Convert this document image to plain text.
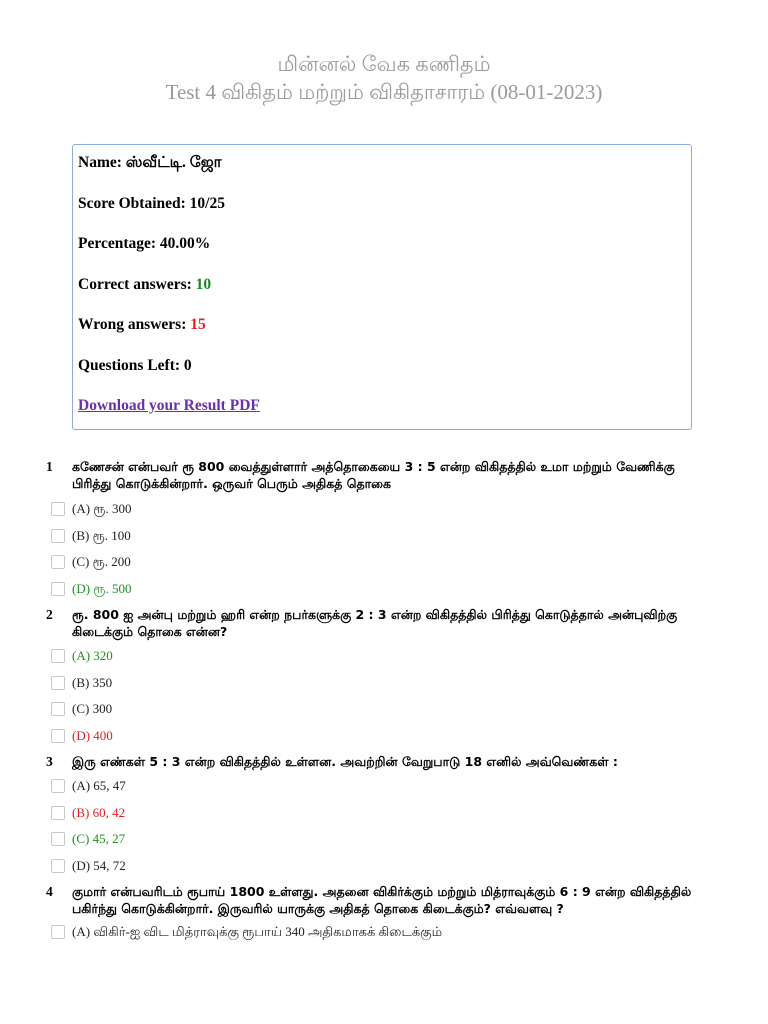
மின்னல் வேக கணிதம்
Test 4 விகிதம் மற்றும் விகிதாசாரம் (08-01-2023)
Name: ஸ்வீட்டி. ஜோ
Score Obtained: 10/25
Percentage: 40.00%
Correct answers: 10
Wrong answers: 15
Questions Left: 0
Download your Result PDF
1 கணேசன் என்பவர் ரூ 800 வைத்துள்ளார் அத்தொகையை 3 : 5 என்ற விகிதத்தில் உமா மற்றும் வேணிக்கு பிரித்து கொடுக்கின்றார். ஒருவர் பெரும் அதிகத் தொகை
(A) ரூ. 300
(B) ரூ. 100
(C) ரூ. 200
(D) ரூ. 500
2 ரூ. 800 ஐ அன்பு மற்றும் ஹரி என்ற நபர்களுக்கு 2 : 3 என்ற விகிதத்தில் பிரித்து கொடுத்தால் அன்புவிற்கு கிடைக்கும் தொகை என்ன?
(A) 320
(B) 350
(C) 300
(D) 400
3 இரு எண்கள் 5 : 3 என்ற விகிதத்தில் உள்ளன. அவற்றின் வேறுபாடு 18 எனில் அவ்வெண்கள் :
(A) 65, 47
(B) 60, 42
(C) 45, 27
(D) 54, 72
4 குமார் என்பவரிடம் ரூபாய் 1800 உள்ளது. அதனை விகிர்க்கும் மற்றும் மித்ராவுக்கும் 6 : 9 என்ற விகிதத்தில் பகிர்ந்து கொடுக்கின்றார். இருவரில் யாருக்கு அதிகத் தொகை கிடைக்கும்? எவ்வளவு ?
(A) விகிர்-ஐ விட மித்ராவுக்கு ரூபாய் 340 அதிகமாகக் கிடைக்கும்
